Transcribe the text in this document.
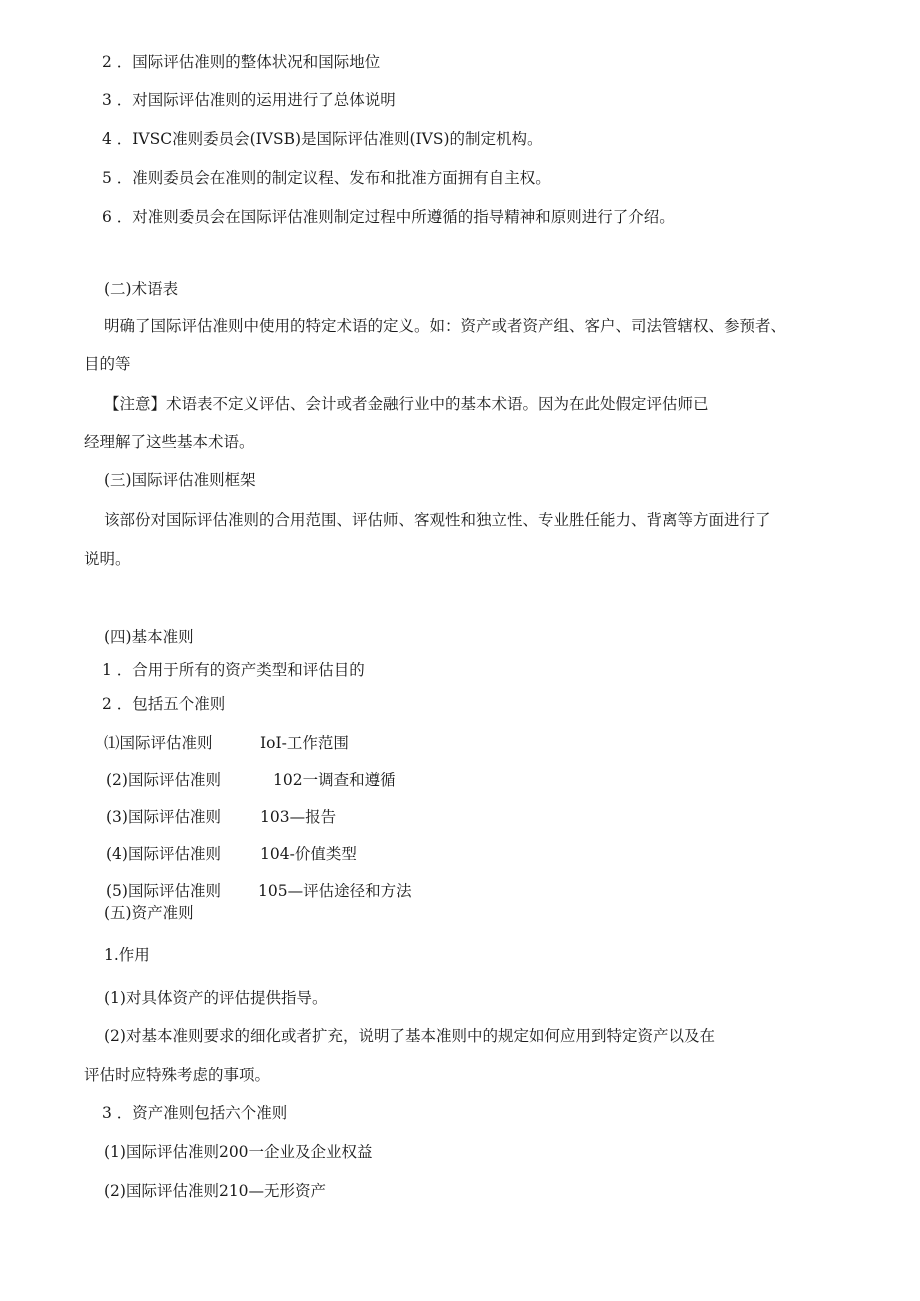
2 ．国际评估准则的整体状况和国际地位
3 ．对国际评估准则的运用进行了总体说明
4 ．IVSC准则委员会(IVSB)是国际评估准则(IVS)的制定机构。
5 ．准则委员会在准则的制定议程、发布和批准方面拥有自主权。
6 ．对准则委员会在国际评估准则制定过程中所遵循的指导精神和原则进行了介绍。
(二)术语表
明确了国际评估准则中使用的特定术语的定义。如：资产或者资产组、客户、司法管辖权、参预者、
目的等
【注意】术语表不定义评估、会计或者金融行业中的基本术语。因为在此处假定评估师已
经理解了这些基本术语。
(三)国际评估准则框架
该部份对国际评估准则的合用范围、评估师、客观性和独立性、专业胜任能力、背离等方面进行了
说明。
(四)基本准则
1 ．合用于所有的资产类型和评估目的
2 ．包括五个准则
⑴国际评估准则	IoI-工作范围
(2)国际评估准则	102一调查和遵循
(3)国际评估准则	103—报告
(4)国际评估准则	104-价值类型
(5)国际评估准则 105—评估途径和方法
(五)资产准则
1.作用
(1)对具体资产的评估提供指导。
(2)对基本准则要求的细化或者扩充，说明了基本准则中的规定如何应用到特定资产以及在
评估时应特殊考虑的事项。
3 ．资产准则包括六个准则
(1)国际评估准则200一企业及企业权益
(2)国际评估准则210—无形资产
